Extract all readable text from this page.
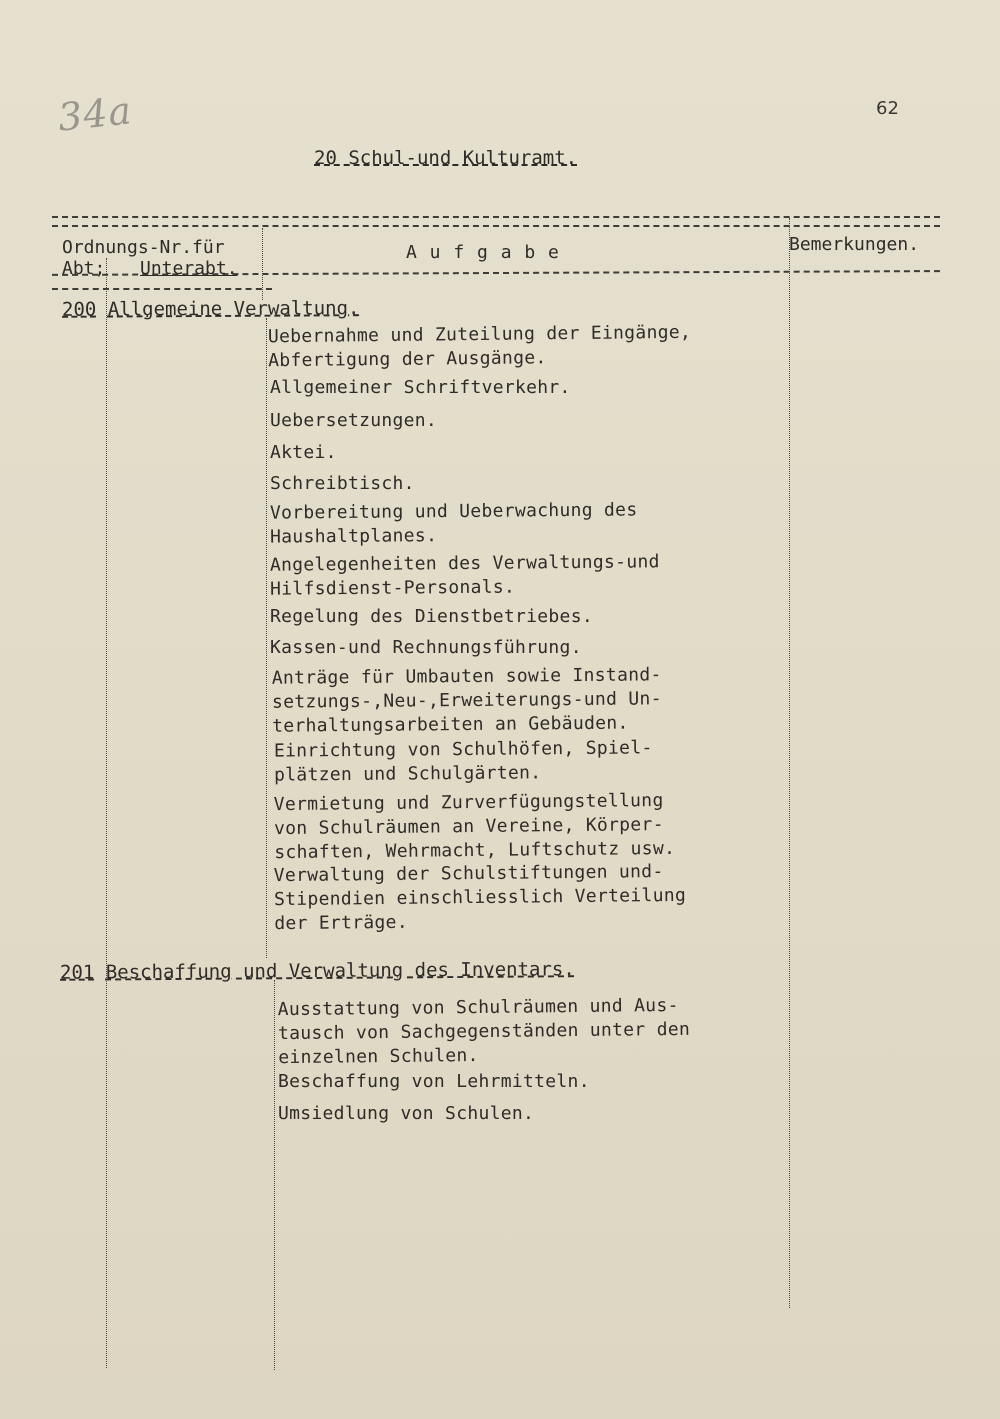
34a	62
20 Schul-und Kulturamt.
Ordnungs-Nr.für
Abt; Unterabt.
A u f g a b e	Bemerkungen.
200 Allgemeine Verwaltung.
Uebernahme und Zuteilung der Eingänge,
Abfertigung der Ausgänge.
Allgemeiner Schriftverkehr.
Uebersetzungen.
Aktei.
Schreibtisch.
Vorbereitung und Ueberwachung des
Haushaltplanes.
Angelegenheiten des Verwaltungs-und
Hilfsdienst-Personals.
Regelung des Dienstbetriebes.
Kassen-und Rechnungsführung.
Anträge für Umbauten sowie Instand-
setzungs-,Neu-,Erweiterungs-und Un-
terhaltungsarbeiten an Gebäuden.
Einrichtung von Schulhöfen, Spiel-
plätzen und Schulgärten.
Vermietung und Zurverfügungstellung
von Schulräumen an Vereine, Körper-
schaften, Wehrmacht, Luftschutz usw.
Verwaltung der Schulstiftungen und-
Stipendien einschliesslich Verteilung
der Erträge.
201 Beschaffung und Verwaltung des Inventars.
Ausstattung von Schulräumen und Aus-
tausch von Sachgegenständen unter den
einzelnen Schulen.
Beschaffung von Lehrmitteln.
Umsiedlung von Schulen.
